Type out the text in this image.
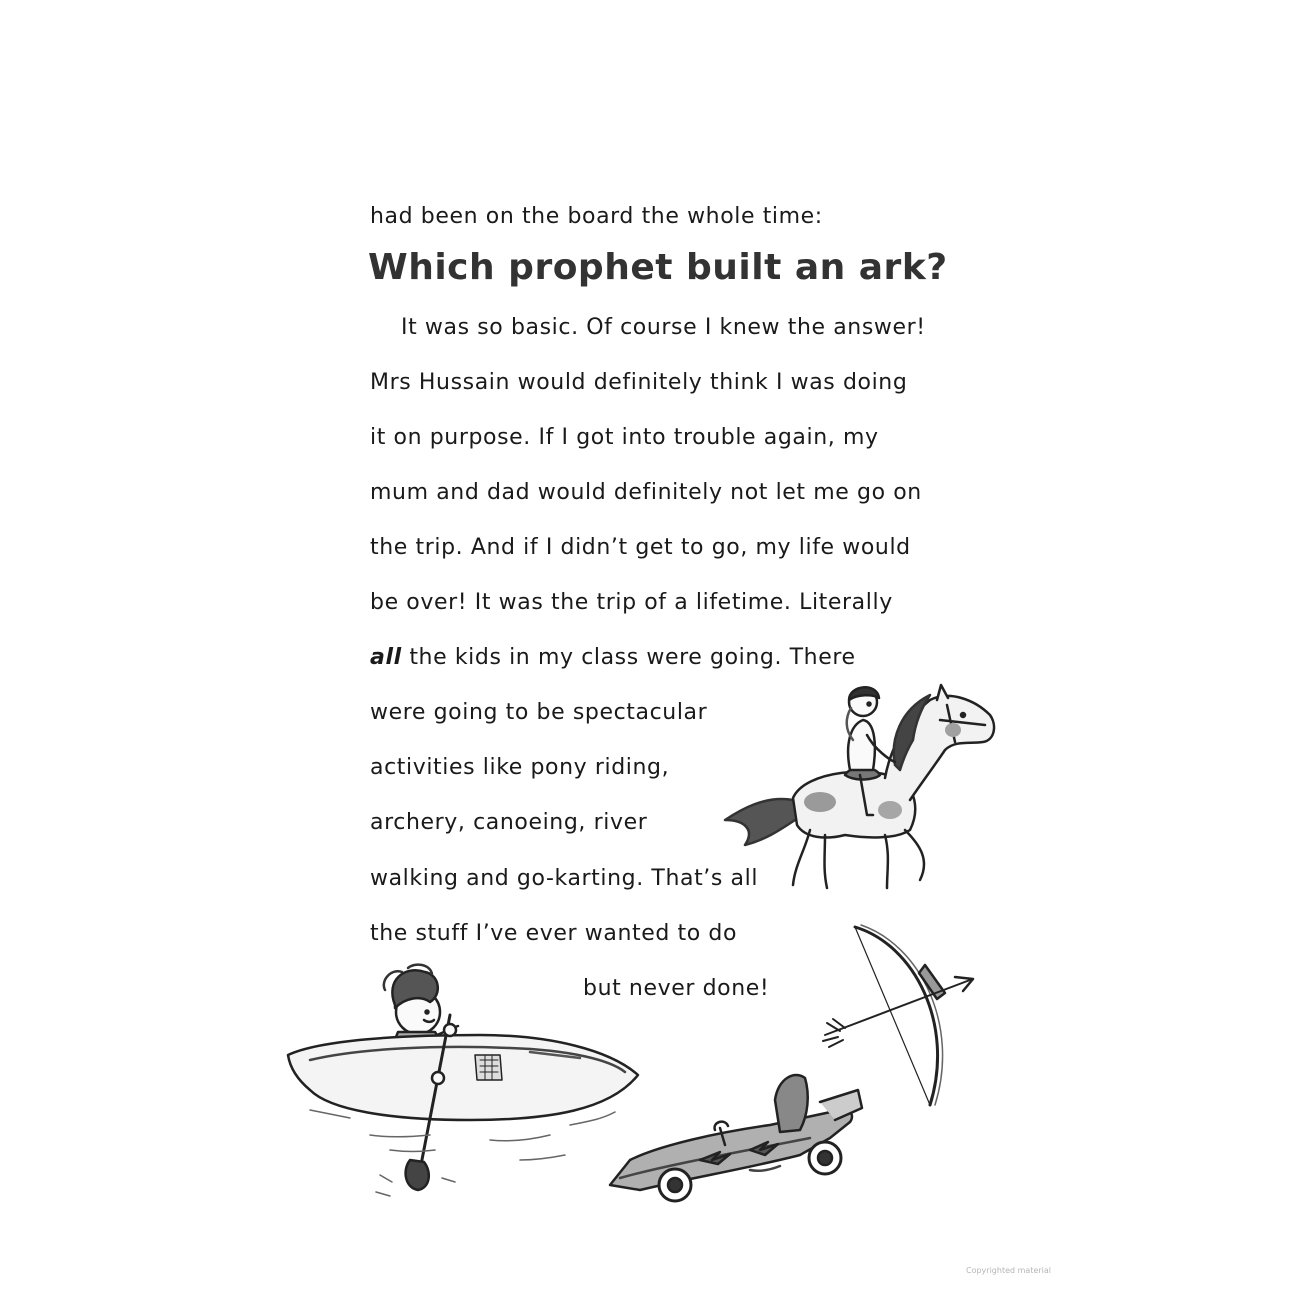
had been on the board the whole time:
Which prophet built an ark?
It was so basic. Of course I knew the answer!
Mrs Hussain would definitely think I was doing
it on purpose. If I got into trouble again, my
mum and dad would definitely not let me go on
the trip. And if I didn’t get to go, my life would
be over! It was the trip of a lifetime. Literally
all the kids in my class were going. There
were going to be spectacular
activities like pony riding,
archery, canoeing, river
walking and go-karting. That’s all
the stuff I’ve ever wanted to do
but never done!
Copyrighted material
